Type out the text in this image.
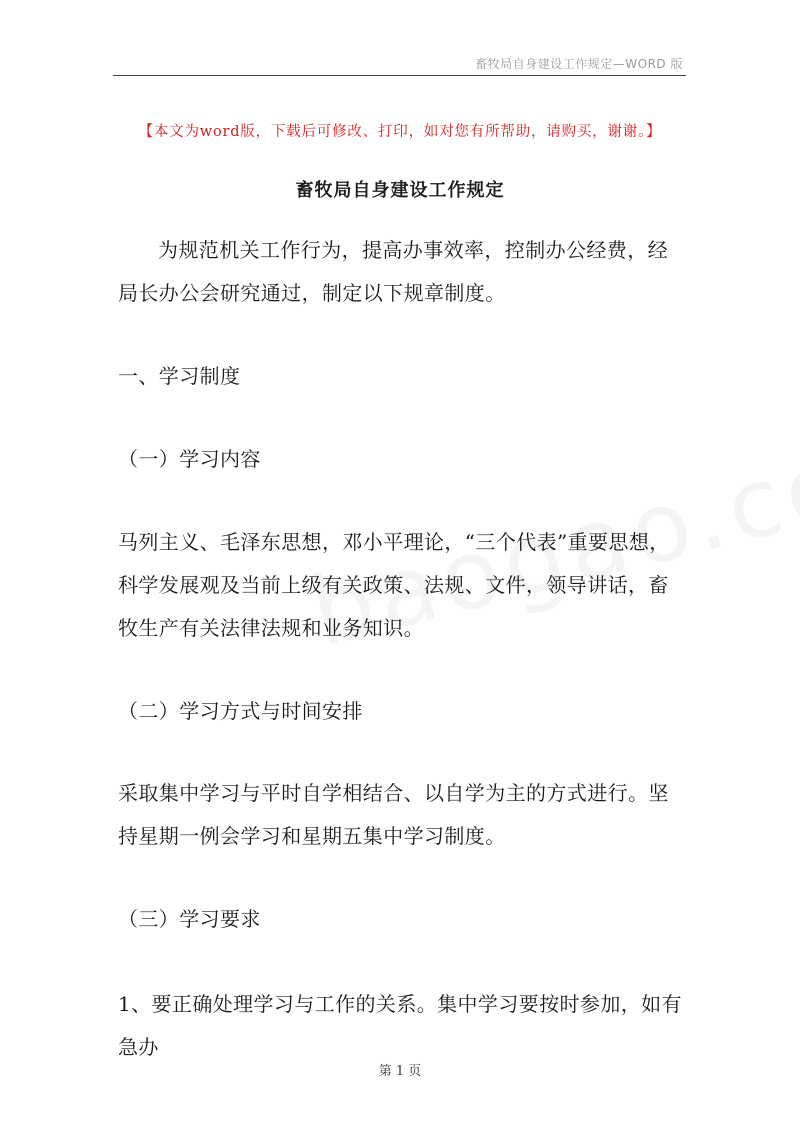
畜牧局自身建设工作规定—WORD 版
【本文为word版，下载后可修改、打印，如对您有所帮助，请购买，谢谢。】
畜牧局自身建设工作规定

为规范机关工作行为，提高办事效率，控制办公经费，经局长办公会研究通过，制定以下规章制度。

一、学习制度

（一）学习内容

马列主义、毛泽东思想，邓小平理论，“三个代表”重要思想，科学发展观及当前上级有关政策、法规、文件，领导讲话，畜牧生产有关法律法规和业务知识。

（二）学习方式与时间安排

采取集中学习与平时自学相结合、以自学为主的方式进行。坚持星期一例会学习和星期五集中学习制度。

（三）学习要求

1、要正确处理学习与工作的关系。集中学习要按时参加，如有急办

第 1 页
